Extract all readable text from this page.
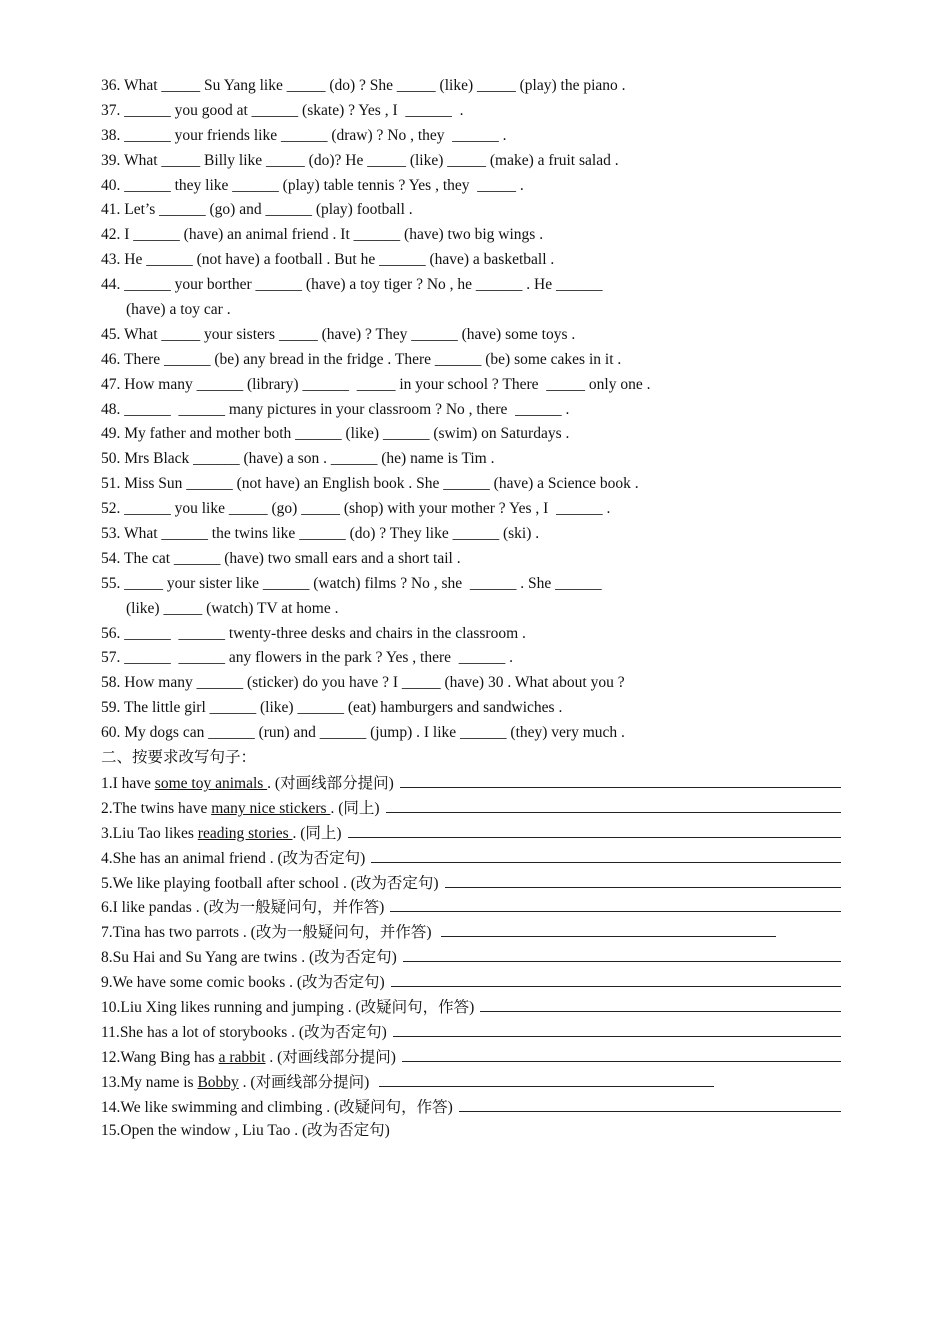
36. What _____ Su Yang like _____ (do) ? She _____ (like) _____ (play) the piano .
37. ______ you good at ______ (skate) ? Yes , I  ______  .
38. ______ your friends like ______ (draw) ? No , they  ______ .
39. What _____ Billy like _____ (do)? He _____ (like) _____ (make) a fruit salad .
40. ______ they like ______ (play) table tennis ? Yes , they  _____ .
41. Let’s ______ (go) and ______ (play) football .
42. I ______ (have) an animal friend . It ______ (have) two big wings .
43. He ______ (not have) a football . But he ______ (have) a basketball .
44. ______ your borther ______ (have) a toy tiger ? No , he ______ . He ______
(have) a toy car .
45. What _____ your sisters _____ (have) ? They ______ (have) some toys .
46. There ______ (be) any bread in the fridge . There ______ (be) some cakes in it .
47. How many ______ (library) ______  _____ in your school ? There  _____ only one .
48. ______  ______ many pictures in your classroom ? No , there  ______ .
49. My father and mother both ______ (like) ______ (swim) on Saturdays .
50. Mrs Black ______ (have) a son . ______ (he) name is Tim .
51. Miss Sun ______ (not have) an English book . She ______ (have) a Science book .
52. ______ you like _____ (go) _____ (shop) with your mother ? Yes , I  ______ .
53. What ______ the twins like ______ (do) ? They like ______ (ski) .
54. The cat ______ (have) two small ears and a short tail .
55. _____ your sister like ______ (watch) films ? No , she  ______ . She ______
(like) _____ (watch) TV at home .
56. ______  ______ twenty-three desks and chairs in the classroom .
57. ______  ______ any flowers in the park ? Yes , there  ______ .
58. How many ______ (sticker) do you have ? I _____ (have) 30 . What about you ?
59. The little girl ______ (like) ______ (eat) hamburgers and sandwiches .
60. My dogs can ______ (run) and ______ (jump) . I like ______ (they) very much .
二、按要求改写句子：
1. I have some toy animals . (对画线部分提问)
2. The twins have many nice stickers . (同上)
3. Liu Tao likes reading stories . (同上)
4. She has an animal friend . (改为否定句)
5. We like playing football after school . (改为否定句)
6. I like pandas . (改为一般疑问句，并作答)
7. Tina has two parrots . (改为一般疑问句，并作答)
8. Su Hai and Su Yang are twins . (改为否定句)
9. We have some comic books . (改为否定句)
10. Liu Xing likes running and jumping . (改疑问句，作答)
11. She has a lot of storybooks . (改为否定句)
12. Wang Bing has a rabbit . (对画线部分提问)
13. My name is Bobby . (对画线部分提问)
14. We like swimming and climbing . (改疑问句，作答)
15. Open the window , Liu Tao . (改为否定句)
